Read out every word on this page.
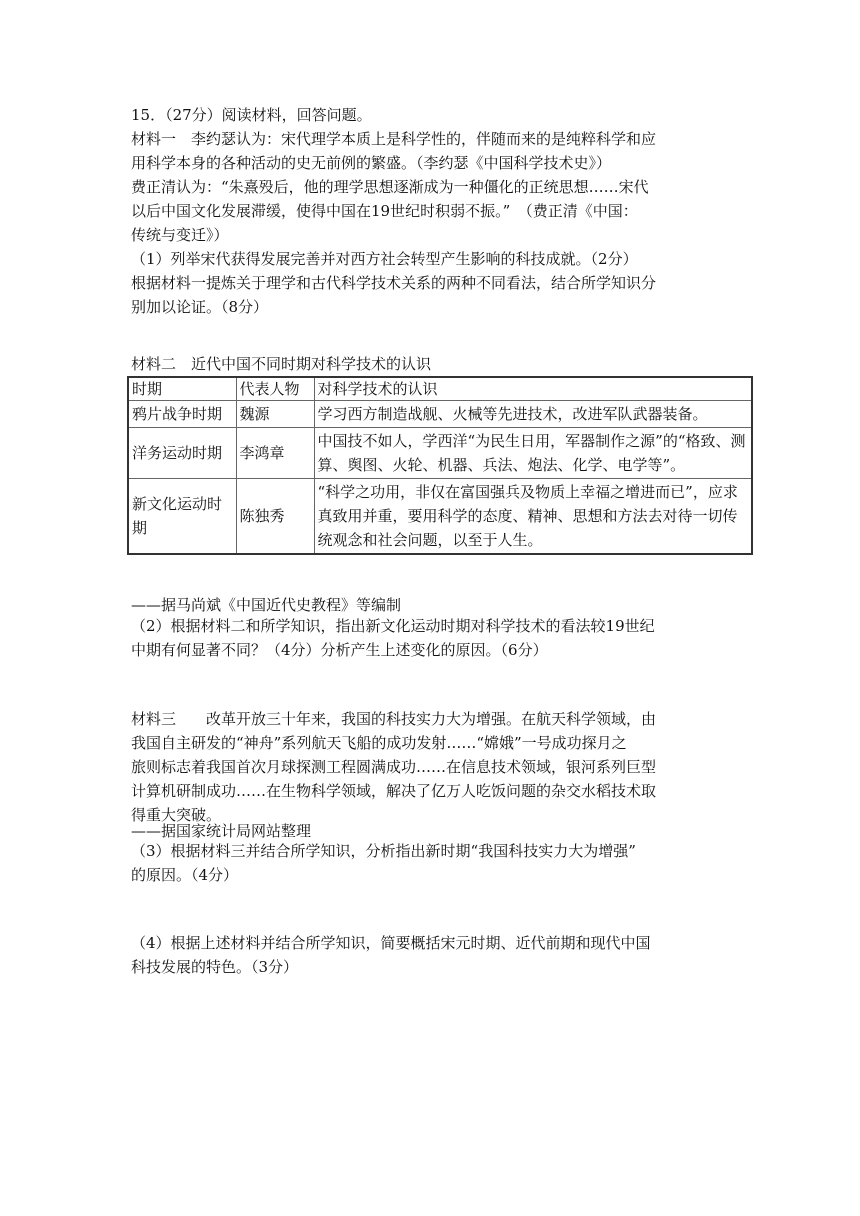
15．（27分）阅读材料，回答问题。
材料一　李约瑟认为：宋代理学本质上是科学性的，伴随而来的是纯粹科学和应
用科学本身的各种活动的史无前例的繁盛。（李约瑟《中国科学技术史》）
费正清认为：“朱熹殁后，他的理学思想逐渐成为一种僵化的正统思想……宋代
以后中国文化发展滞缓，使得中国在19世纪时积弱不振。”　（费正清《中国：
传统与变迁》）
（1）列举宋代获得发展完善并对西方社会转型产生影响的科技成就。（2分）
根据材料一提炼关于理学和古代科学技术关系的两种不同看法，结合所学知识分
别加以论证。（8分）
材料二　近代中国不同时期对科学技术的认识
时期	代表人物	对科学技术的认识
鸦片战争时期	魏源	学习西方制造战舰、火械等先进技术，改进军队武器装备。
洋务运动时期	李鸿章	中国技不如人，学西洋“为民生日用，军器制作之源”的“格致、测算、舆图、火轮、机器、兵法、炮法、化学、电学等”。
新文化运动时期	陈独秀	“科学之功用，非仅在富国强兵及物质上幸福之增进而已”，应求真致用并重，要用科学的态度、精神、思想和方法去对待一切传统观念和社会问题，以至于人生。
——据马尚斌《中国近代史教程》等编制
（2）根据材料二和所学知识，指出新文化运动时期对科学技术的看法较19世纪
中期有何显著不同？（4分）分析产生上述变化的原因。（6分）
材料三　　改革开放三十年来，我国的科技实力大为增强。在航天科学领域，由
我国自主研发的“神舟”系列航天飞船的成功发射……“嫦娥”一号成功探月之
旅则标志着我国首次月球探测工程圆满成功……在信息技术领域，银河系列巨型
计算机研制成功……在生物科学领域，解决了亿万人吃饭问题的杂交水稻技术取
得重大突破。
——据国家统计局网站整理
（3）根据材料三并结合所学知识，分析指出新时期“我国科技实力大为增强”
的原因。（4分）
（4）根据上述材料并结合所学知识，简要概括宋元时期、近代前期和现代中国
科技发展的特色。（3分）
